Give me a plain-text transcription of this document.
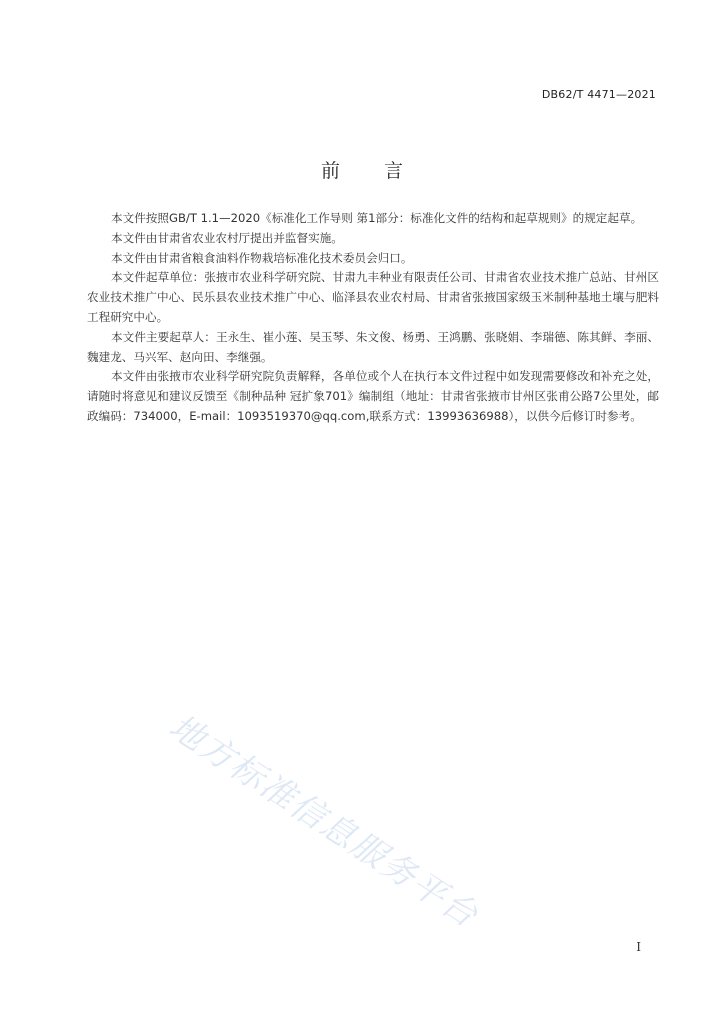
DB62/T 4471—2021
前言

本文件按照GB/T 1.1—2020《标准化工作导则 第1部分：标准化文件的结构和起草规则》的规定起草。

本文件由甘肃省农业农村厅提出并监督实施。

本文件由甘肃省粮食油料作物栽培标准化技术委员会归口。

本文件起草单位：张掖市农业科学研究院、甘肃九丰种业有限责任公司、甘肃省农业技术推广总站、甘州区农业技术推广中心、民乐县农业技术推广中心、临泽县农业农村局、甘肃省张掖国家级玉米制种基地土壤与肥料工程研究中心。

本文件主要起草人：王永生、崔小莲、吴玉琴、朱文俊、杨勇、王鸿鹏、张晓娟、李瑞德、陈其鲜、李丽、魏建龙、马兴军、赵向田、李继强。

本文件由张掖市农业科学研究院负责解释，各单位或个人在执行本文件过程中如发现需要修改和补充之处，请随时将意见和建议反馈至《制种品种 冠扩象701》编制组（地址：甘肃省张掖市甘州区张甫公路7公里处，邮政编码：734000，E-mail：1093519370@qq.com,联系方式：13993636988），以供今后修订时参考。

地方标准信息服务平台
I
